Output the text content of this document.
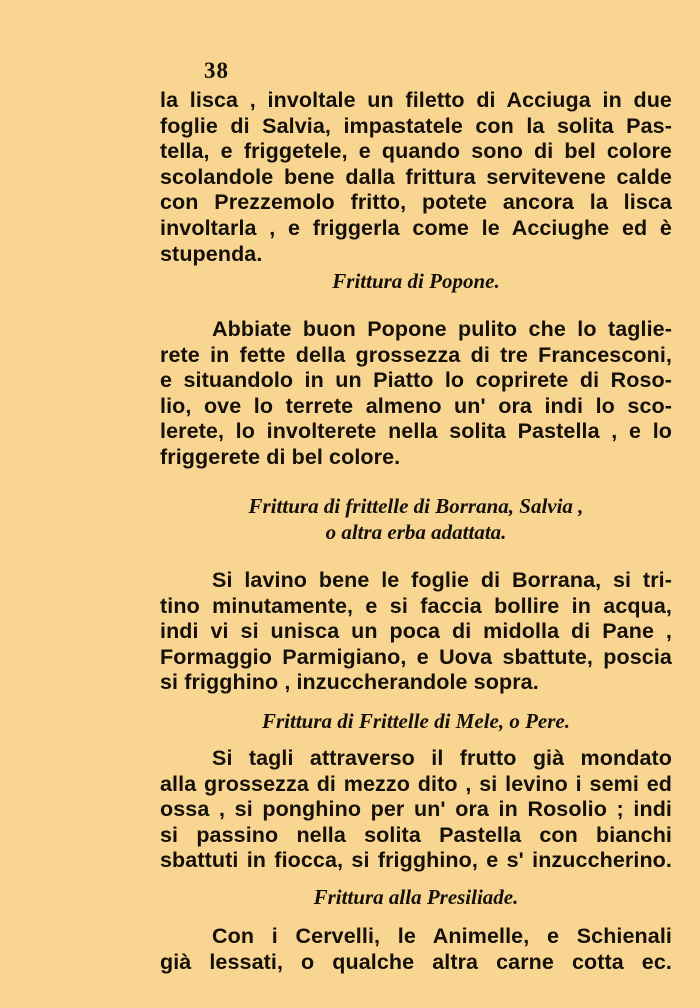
38
la lisca , involtale un filetto di Acciuga in due
foglie di Salvia, impastatele con la solita Pas-
tella, e friggetele, e quando sono di bel colore
scolandole bene dalla frittura servitevene calde
con Prezzemolo fritto, potete ancora la lisca
involtarla , e friggerla come le Acciughe ed è
stupenda.
Frittura di Popone.
Abbiate buon Popone pulito che lo taglie-
rete in fette della grossezza di tre Francesconi,
e situandolo in un Piatto lo coprirete di Roso-
lio, ove lo terrete almeno un' ora indi lo sco-
lerete, lo involterete nella solita Pastella , e lo
friggerete di bel colore.
Frittura di frittelle di Borrana, Salvia ,
o altra erba adattata.
Si lavino bene le foglie di Borrana, si tri-
tino minutamente, e si faccia bollire in acqua,
indi vi si unisca un poca di midolla di Pane ,
Formaggio Parmigiano, e Uova sbattute, poscia
si frigghino , inzuccherandole sopra.
Frittura di Frittelle di Mele, o Pere.
Si tagli attraverso il frutto già mondato
alla grossezza di mezzo dito , si levino i semi ed
ossa , si ponghino per un' ora in Rosolio ; indi
si passino nella solita Pastella con bianchi
sbattuti in fiocca, si frigghino, e s' inzuccherino.
Frittura alla Presiliade.
Con i Cervelli, le Animelle, e Schienali
già lessati, o qualche altra carne cotta ec.
